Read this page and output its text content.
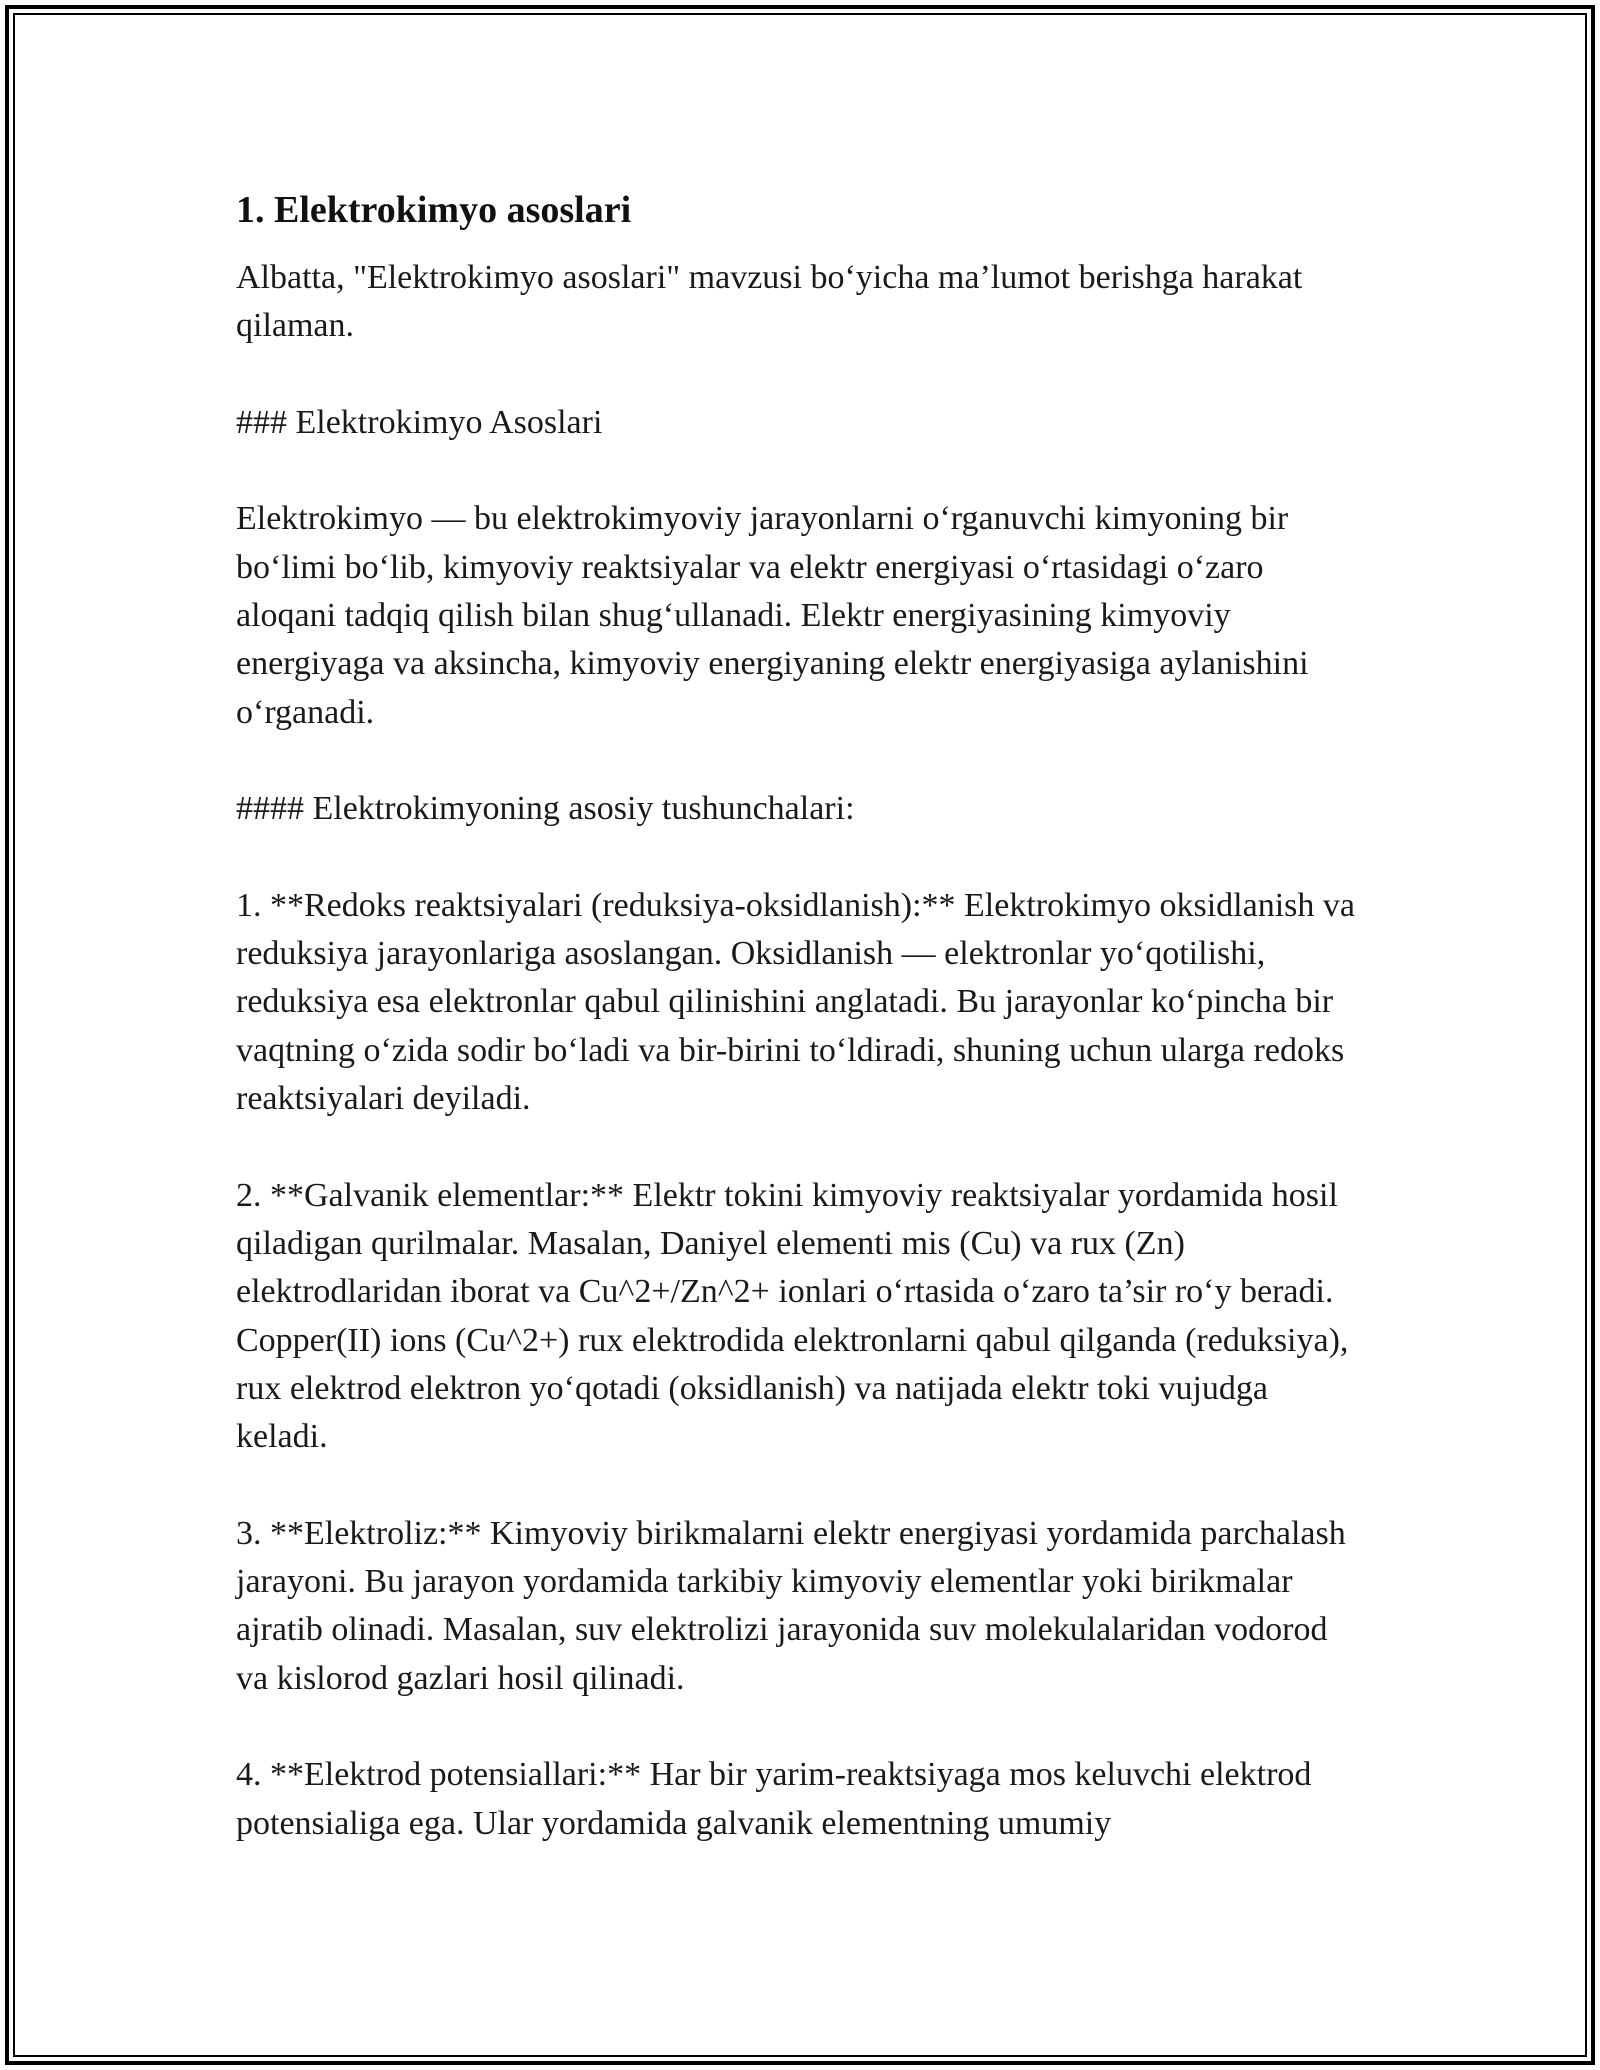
1. Elektrokimyo asoslari

Albatta, "Elektrokimyo asoslari" mavzusi bo‘yicha ma’lumot berishga harakat qilaman.

### Elektrokimyo Asoslari

Elektrokimyo — bu elektrokimyoviy jarayonlarni o‘rganuvchi kimyoning bir bo‘limi bo‘lib, kimyoviy reaktsiyalar va elektr energiyasi o‘rtasidagi o‘zaro aloqani tadqiq qilish bilan shug‘ullanadi. Elektr energiyasining kimyoviy energiyaga va aksincha, kimyoviy energiyaning elektr energiyasiga aylanishini o‘rganadi.

#### Elektrokimyoning asosiy tushunchalari:

1. **Redoks reaktsiyalari (reduksiya-oksidlanish):** Elektrokimyo oksidlanish va reduksiya jarayonlariga asoslangan. Oksidlanish — elektronlar yo‘qotilishi, reduksiya esa elektronlar qabul qilinishini anglatadi. Bu jarayonlar ko‘pincha bir vaqtning o‘zida sodir bo‘ladi va bir-birini to‘ldiradi, shuning uchun ularga redoks reaktsiyalari deyiladi.

2. **Galvanik elementlar:** Elektr tokini kimyoviy reaktsiyalar yordamida hosil qiladigan qurilmalar. Masalan, Daniyel elementi mis (Cu) va rux (Zn) elektrodlaridan iborat va Cu^2+/Zn^2+ ionlari o‘rtasida o‘zaro ta’sir ro‘y beradi. Copper(II) ions (Cu^2+) rux elektrodida elektronlarni qabul qilganda (reduksiya), rux elektrod elektron yo‘qotadi (oksidlanish) va natijada elektr toki vujudga keladi.

3. **Elektroliz:** Kimyoviy birikmalarni elektr energiyasi yordamida parchalash jarayoni. Bu jarayon yordamida tarkibiy kimyoviy elementlar yoki birikmalar ajratib olinadi. Masalan, suv elektrolizi jarayonida suv molekulalaridan vodorod va kislorod gazlari hosil qilinadi.

4. **Elektrod potensiallari:** Har bir yarim-reaktsiyaga mos keluvchi elektrod potensialiga ega. Ular yordamida galvanik elementning umumiy
